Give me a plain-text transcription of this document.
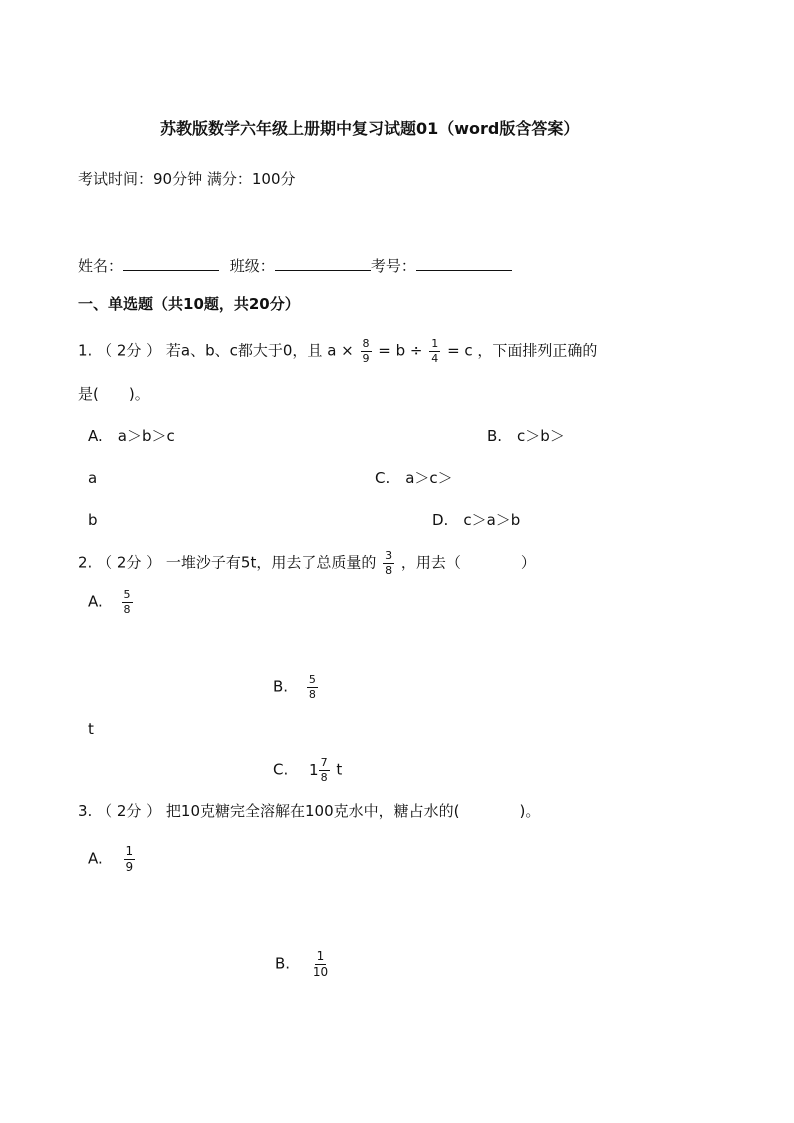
苏教版数学六年级上册期中复习试题01（word版含答案）
考试时间：90分钟 满分：100分
姓名：	班级：	考号：
一、单选题（共10题，共20分）
1. （ 2分 ） 若a、b、c都大于0，且 $a \times \frac{8}{9} = b \div \frac{1}{4} = c$ ，下面排列正确的
是(　　)。
A.　a＞b＞c	B.　c＞b＞
a	C.　a＞c＞
b	D.　c＞a＞b
2. （ 2分 ） 一堆沙子有5t，用去了总质量的 $\frac{3}{8}$ ，用去（　　　　）
A. $\frac{5}{8}$
B. $\frac{5}{8}$
t
C. $1 \frac{7}{8}$ t
3. （ 2分 ） 把10克糖完全溶解在100克水中，糖占水的(　　　　)。
A. $\frac{1}{9}$
B. $\frac{1}{10}$
